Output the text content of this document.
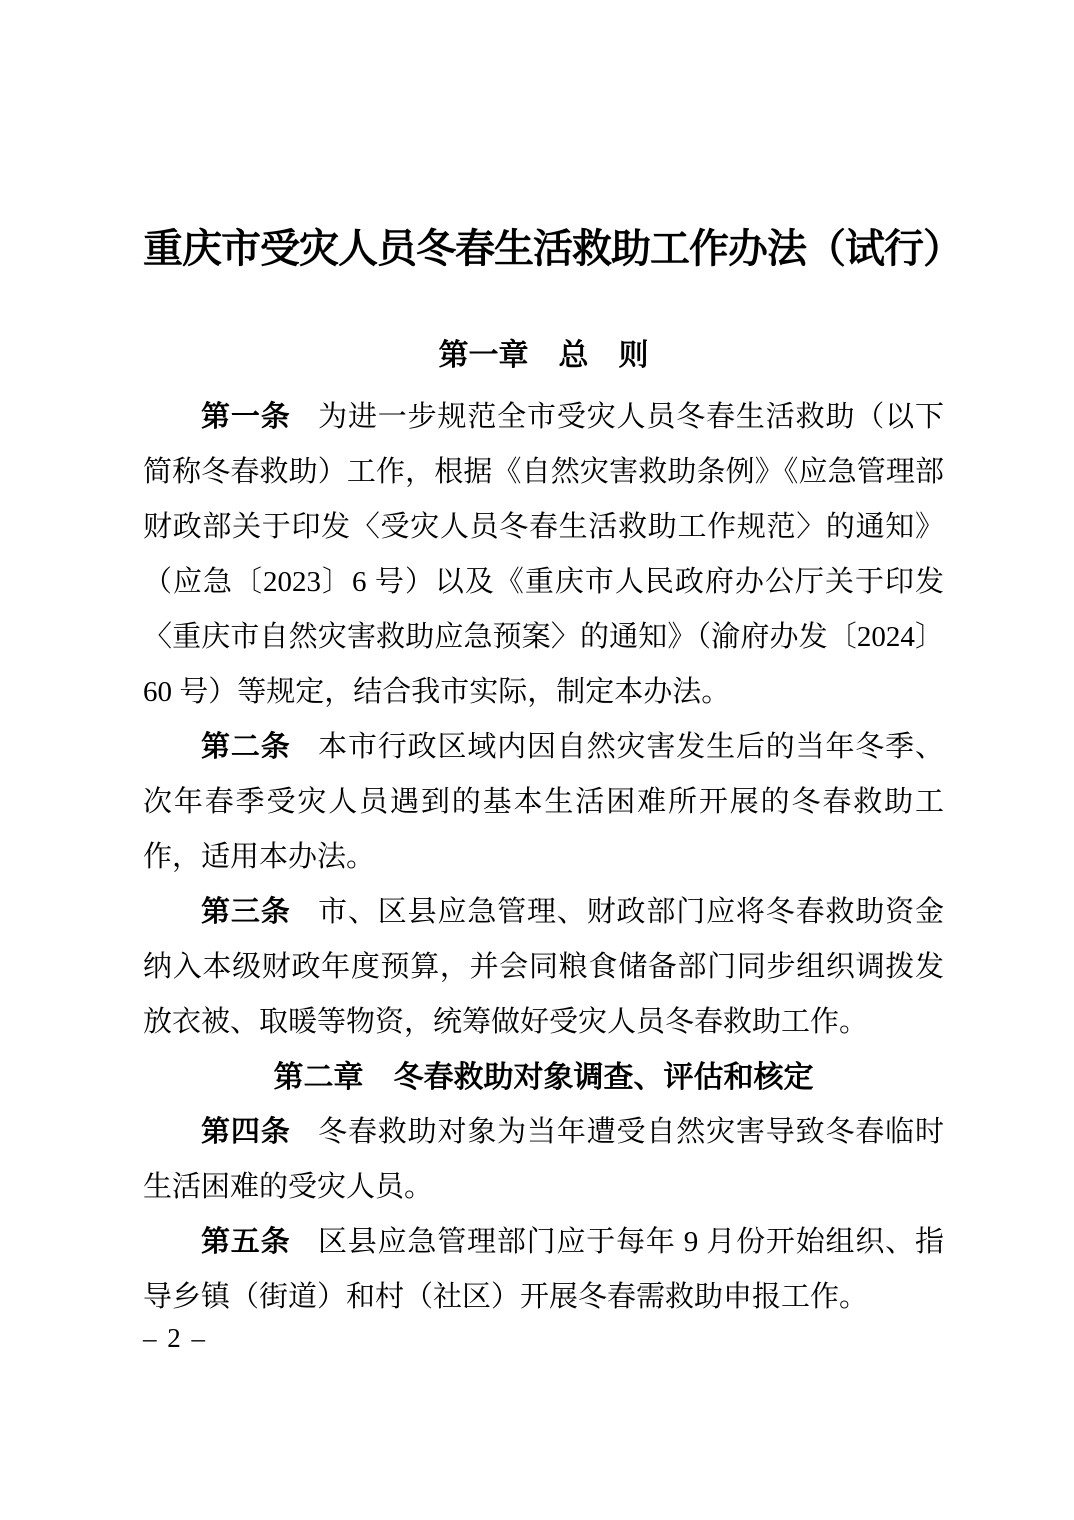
重庆市受灾人员冬春生活救助工作办法（试行）
第一章　总　则

第一条 为进一步规范全市受灾人员冬春生活救助（以下简称冬春救助）工作，根据《自然灾害救助条例》《应急管理部财政部关于印发〈受灾人员冬春生活救助工作规范〉的通知》（应急〔2023〕6 号）以及《重庆市人民政府办公厅关于印发〈重庆市自然灾害救助应急预案〉的通知》（渝府办发〔2024〕60 号）等规定，结合我市实际，制定本办法。

第二条 本市行政区域内因自然灾害发生后的当年冬季、次年春季受灾人员遇到的基本生活困难所开展的冬春救助工作，适用本办法。

第三条 市、区县应急管理、财政部门应将冬春救助资金纳入本级财政年度预算，并会同粮食储备部门同步组织调拨发放衣被、取暖等物资，统筹做好受灾人员冬春救助工作。

第二章　冬春救助对象调查、评估和核定

第四条 冬春救助对象为当年遭受自然灾害导致冬春临时生活困难的受灾人员。

第五条 区县应急管理部门应于每年 9 月份开始组织、指导乡镇（街道）和村（社区）开展冬春需救助申报工作。

– 2 –
